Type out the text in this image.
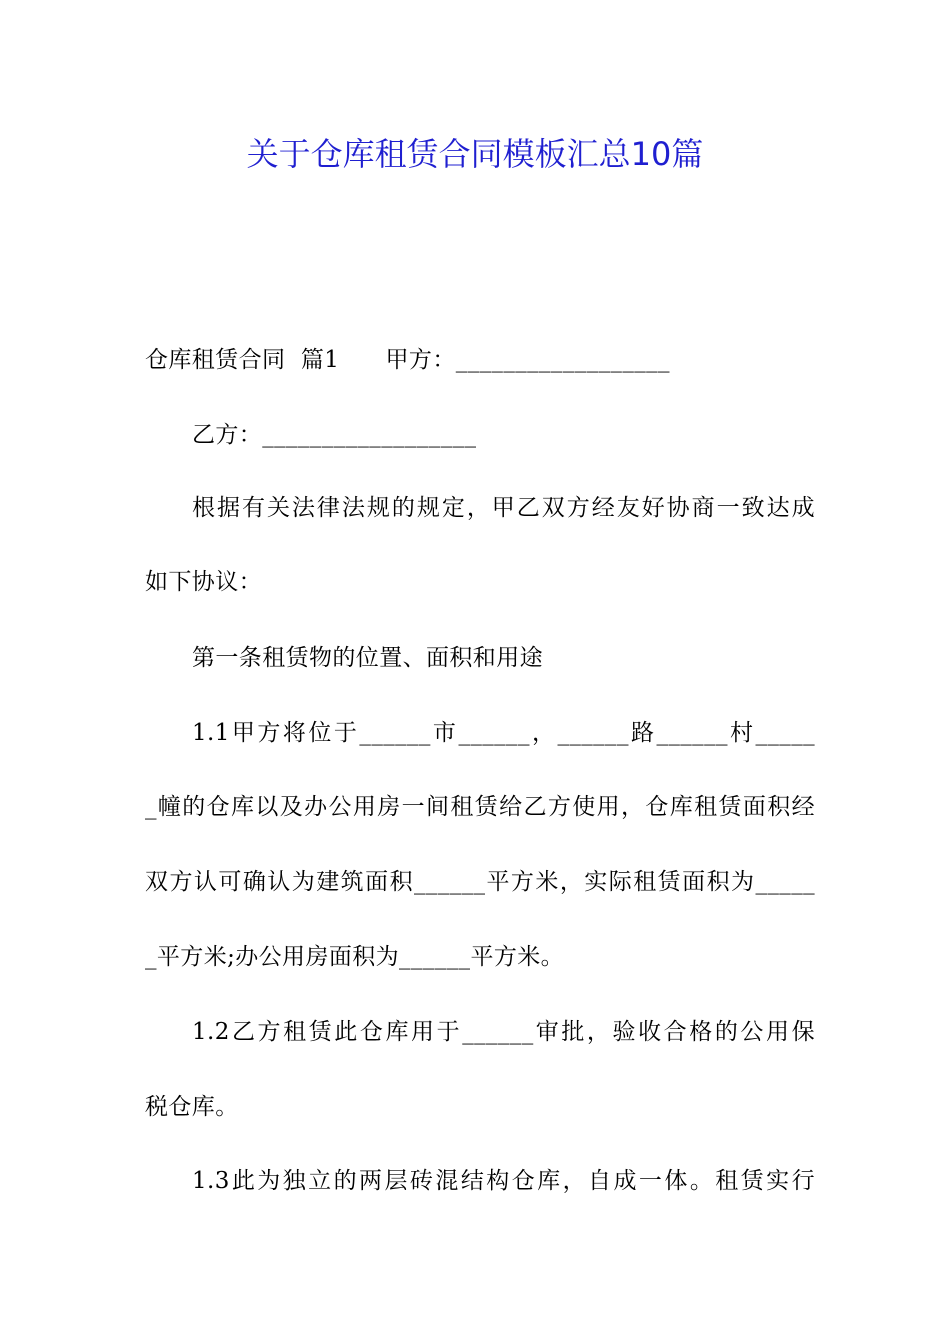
关于仓库租赁合同模板汇总10篇
仓库租赁合同  篇1      甲方：__________________
乙方：__________________
根据有关法律法规的规定，甲乙双方经友好协商一致达成
如下协议：
第一条租赁物的位置、面积和用途
1.1甲方将位于______市______，______路______村_____
_幢的仓库以及办公用房一间租赁给乙方使用，仓库租赁面积经
双方认可确认为建筑面积______平方米，实际租赁面积为_____
_平方米;办公用房面积为______平方米。
1.2乙方租赁此仓库用于______审批，验收合格的公用保
税仓库。
1.3此为独立的两层砖混结构仓库，自成一体。租赁实行
